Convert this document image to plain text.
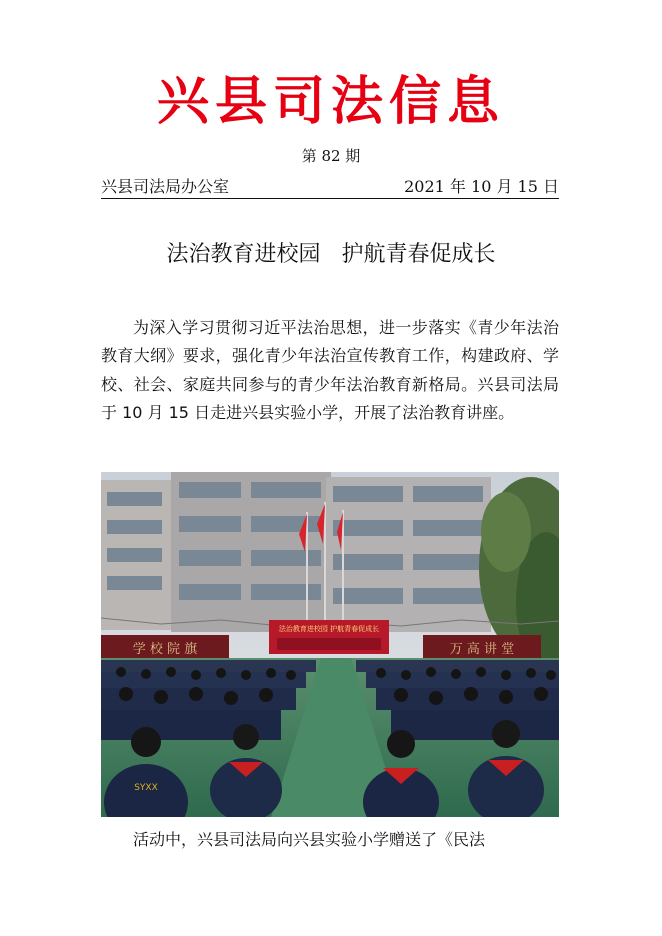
兴县司法信息
第 82 期
兴县司法局办公室	2021 年 10 月 15 日
法治教育进校园   护航青春促成长
为深入学习贯彻习近平法治思想，进一步落实《青少年法治教育大纲》要求，强化青少年法治宣传教育工作，构建政府、学校、社会、家庭共同参与的青少年法治教育新格局。兴县司法局于 10 月 15 日走进兴县实验小学，开展了法治教育讲座。
法治教育进校园 护航青春促成长
学 校 院 旗	万 高 讲 堂
SYXX
活动中，兴县司法局向兴县实验小学赠送了《民法
